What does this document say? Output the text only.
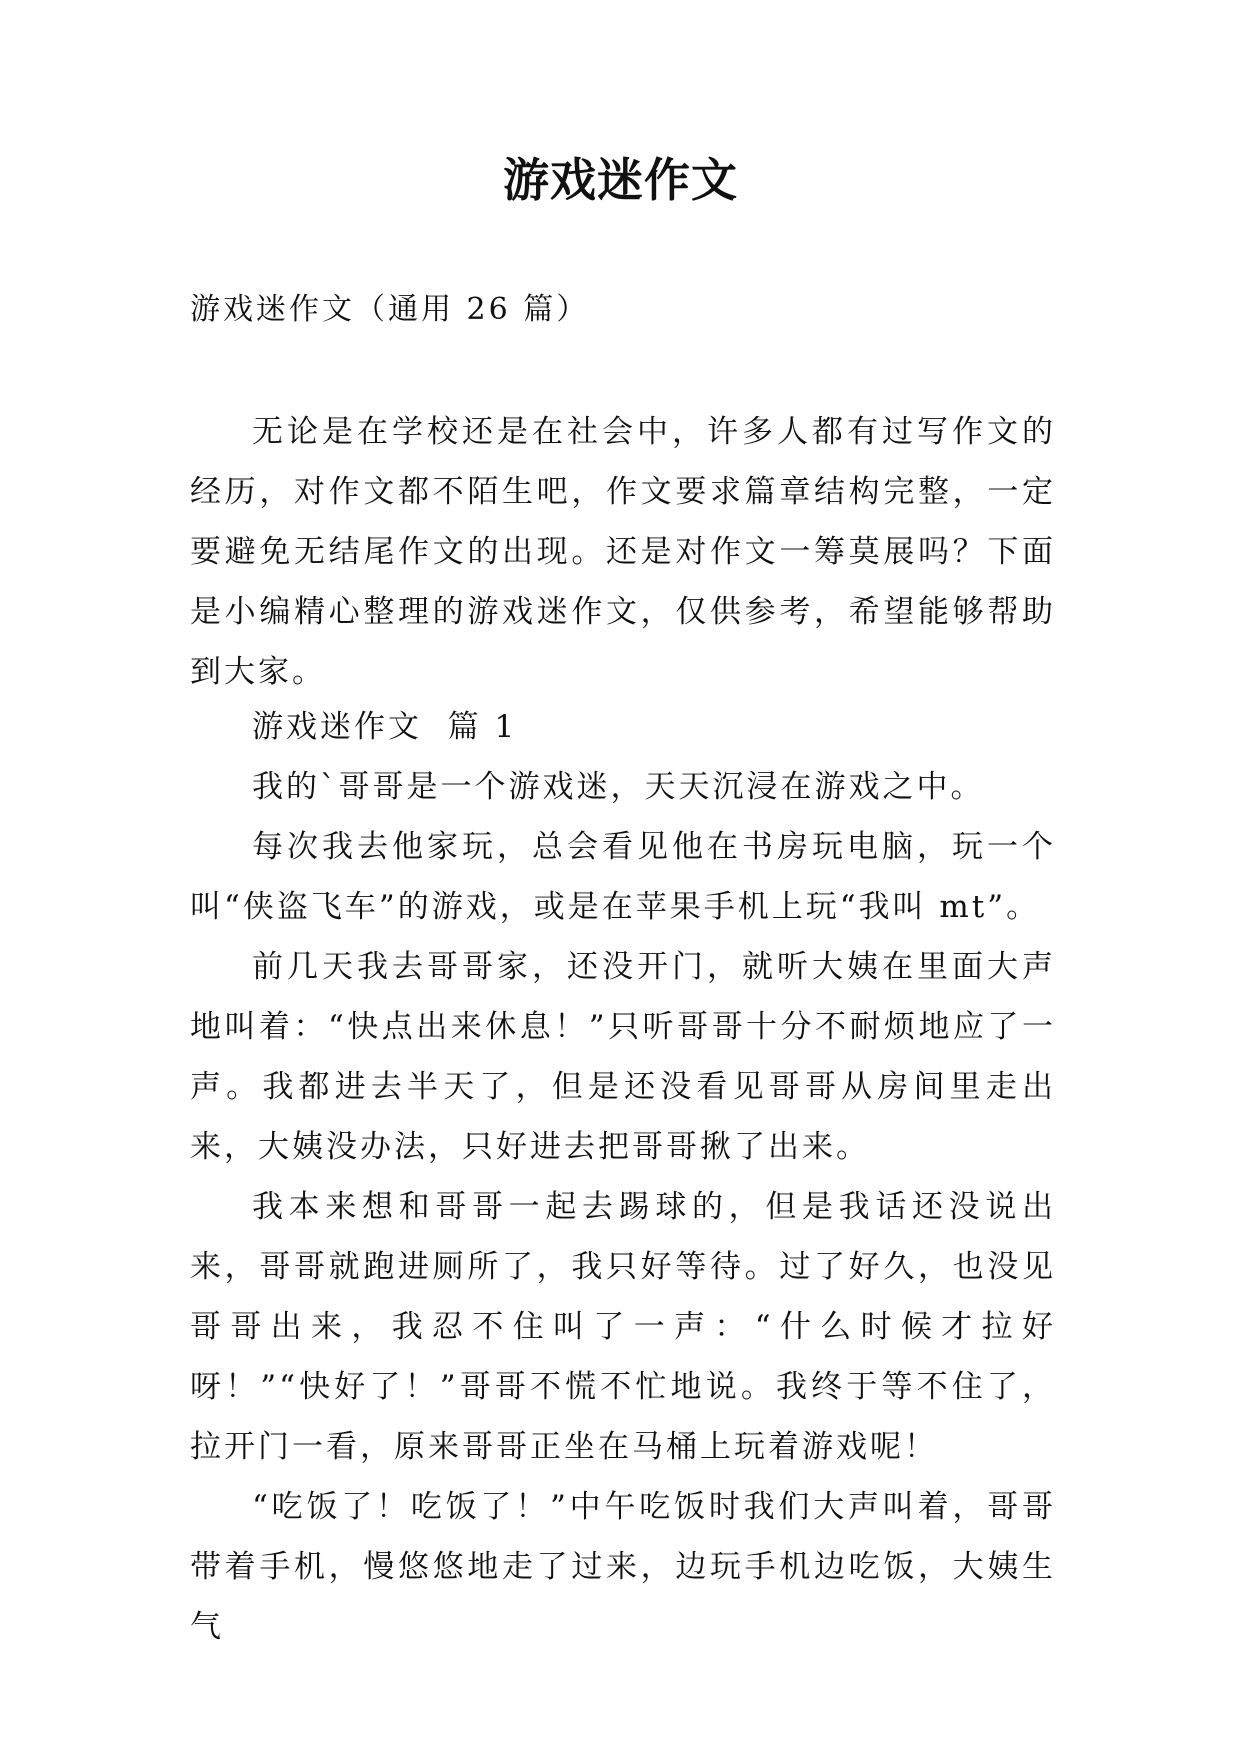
游戏迷作文
游戏迷作文（通用 26 篇）

无论是在学校还是在社会中，许多人都有过写作文的经历，对作文都不陌生吧，作文要求篇章结构完整，一定要避免无结尾作文的出现。还是对作文一筹莫展吗？下面是小编精心整理的游戏迷作文，仅供参考，希望能够帮助到大家。

游戏迷作文  篇 1

我的`哥哥是一个游戏迷，天天沉浸在游戏之中。

每次我去他家玩，总会看见他在书房玩电脑，玩一个叫“侠盗飞车”的游戏，或是在苹果手机上玩“我叫 mt”。

前几天我去哥哥家，还没开门，就听大姨在里面大声地叫着：“快点出来休息！”只听哥哥十分不耐烦地应了一声。我都进去半天了，但是还没看见哥哥从房间里走出来，大姨没办法，只好进去把哥哥揪了出来。

我本来想和哥哥一起去踢球的，但是我话还没说出来，哥哥就跑进厕所了，我只好等待。过了好久，也没见哥哥出来，我忍不住叫了一声：“什么时候才拉好呀！”“快好了！”哥哥不慌不忙地说。我终于等不住了，拉开门一看，原来哥哥正坐在马桶上玩着游戏呢！

“吃饭了！吃饭了！”中午吃饭时我们大声叫着，哥哥带着手机，慢悠悠地走了过来，边玩手机边吃饭，大姨生气
